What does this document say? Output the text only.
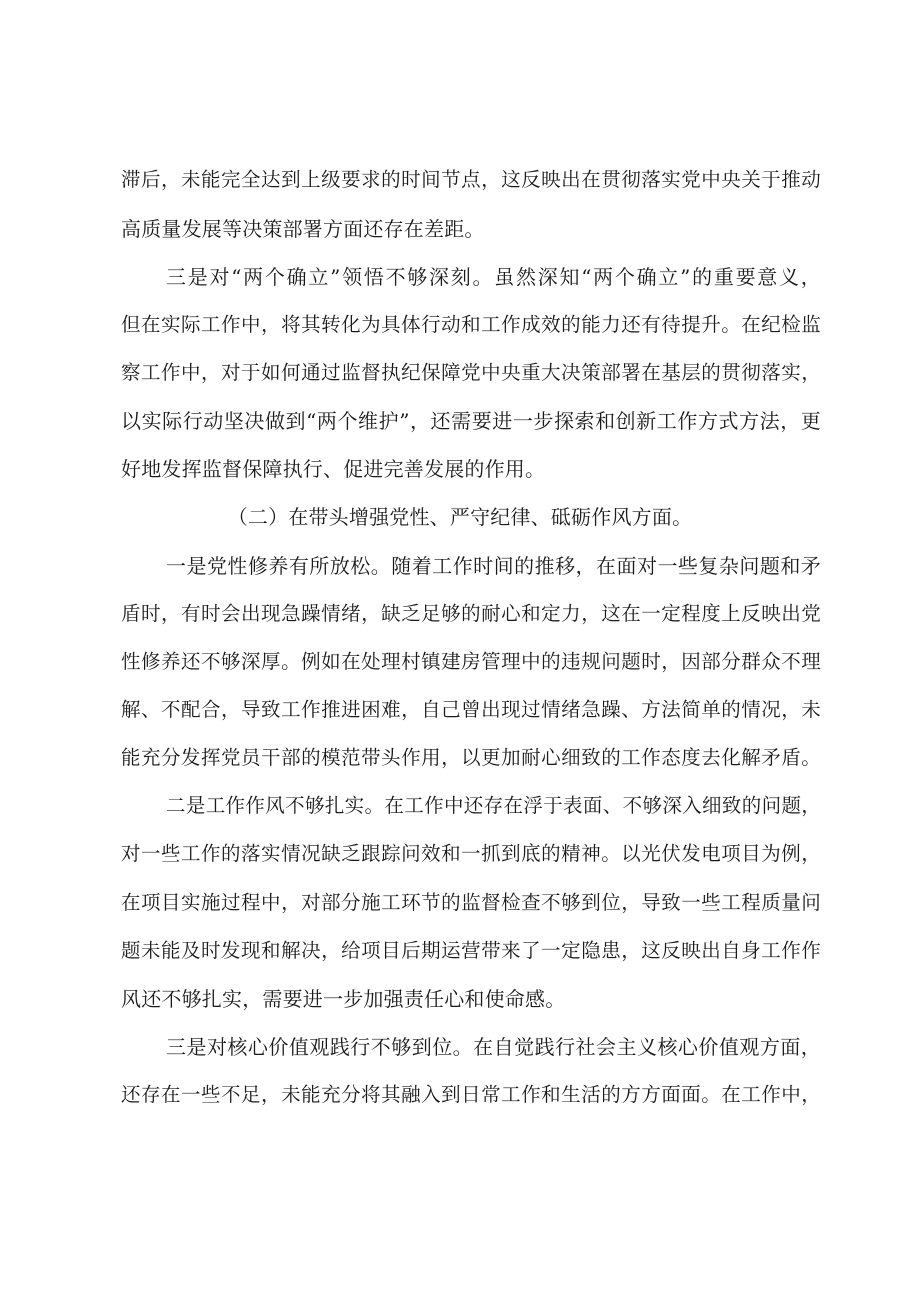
滞后，未能完全达到上级要求的时间节点，这反映出在贯彻落实党中央关于推动
高质量发展等决策部署方面还存在差距。
三是对“两个确立”领悟不够深刻。虽然深知“两个确立”的重要意义，
但在实际工作中，将其转化为具体行动和工作成效的能力还有待提升。在纪检监
察工作中，对于如何通过监督执纪保障党中央重大决策部署在基层的贯彻落实，
以实际行动坚决做到“两个维护”，还需要进一步探索和创新工作方式方法，更
好地发挥监督保障执行、促进完善发展的作用。
（二）在带头增强党性、严守纪律、砥砺作风方面。
一是党性修养有所放松。随着工作时间的推移，在面对一些复杂问题和矛
盾时，有时会出现急躁情绪，缺乏足够的耐心和定力，这在一定程度上反映出党
性修养还不够深厚。例如在处理村镇建房管理中的违规问题时，因部分群众不理
解、不配合，导致工作推进困难，自己曾出现过情绪急躁、方法简单的情况，未
能充分发挥党员干部的模范带头作用，以更加耐心细致的工作态度去化解矛盾。
二是工作作风不够扎实。在工作中还存在浮于表面、不够深入细致的问题，
对一些工作的落实情况缺乏跟踪问效和一抓到底的精神。以光伏发电项目为例，
在项目实施过程中，对部分施工环节的监督检查不够到位，导致一些工程质量问
题未能及时发现和解决，给项目后期运营带来了一定隐患，这反映出自身工作作
风还不够扎实，需要进一步加强责任心和使命感。
三是对核心价值观践行不够到位。在自觉践行社会主义核心价值观方面，
还存在一些不足，未能充分将其融入到日常工作和生活的方方面面。在工作中，
